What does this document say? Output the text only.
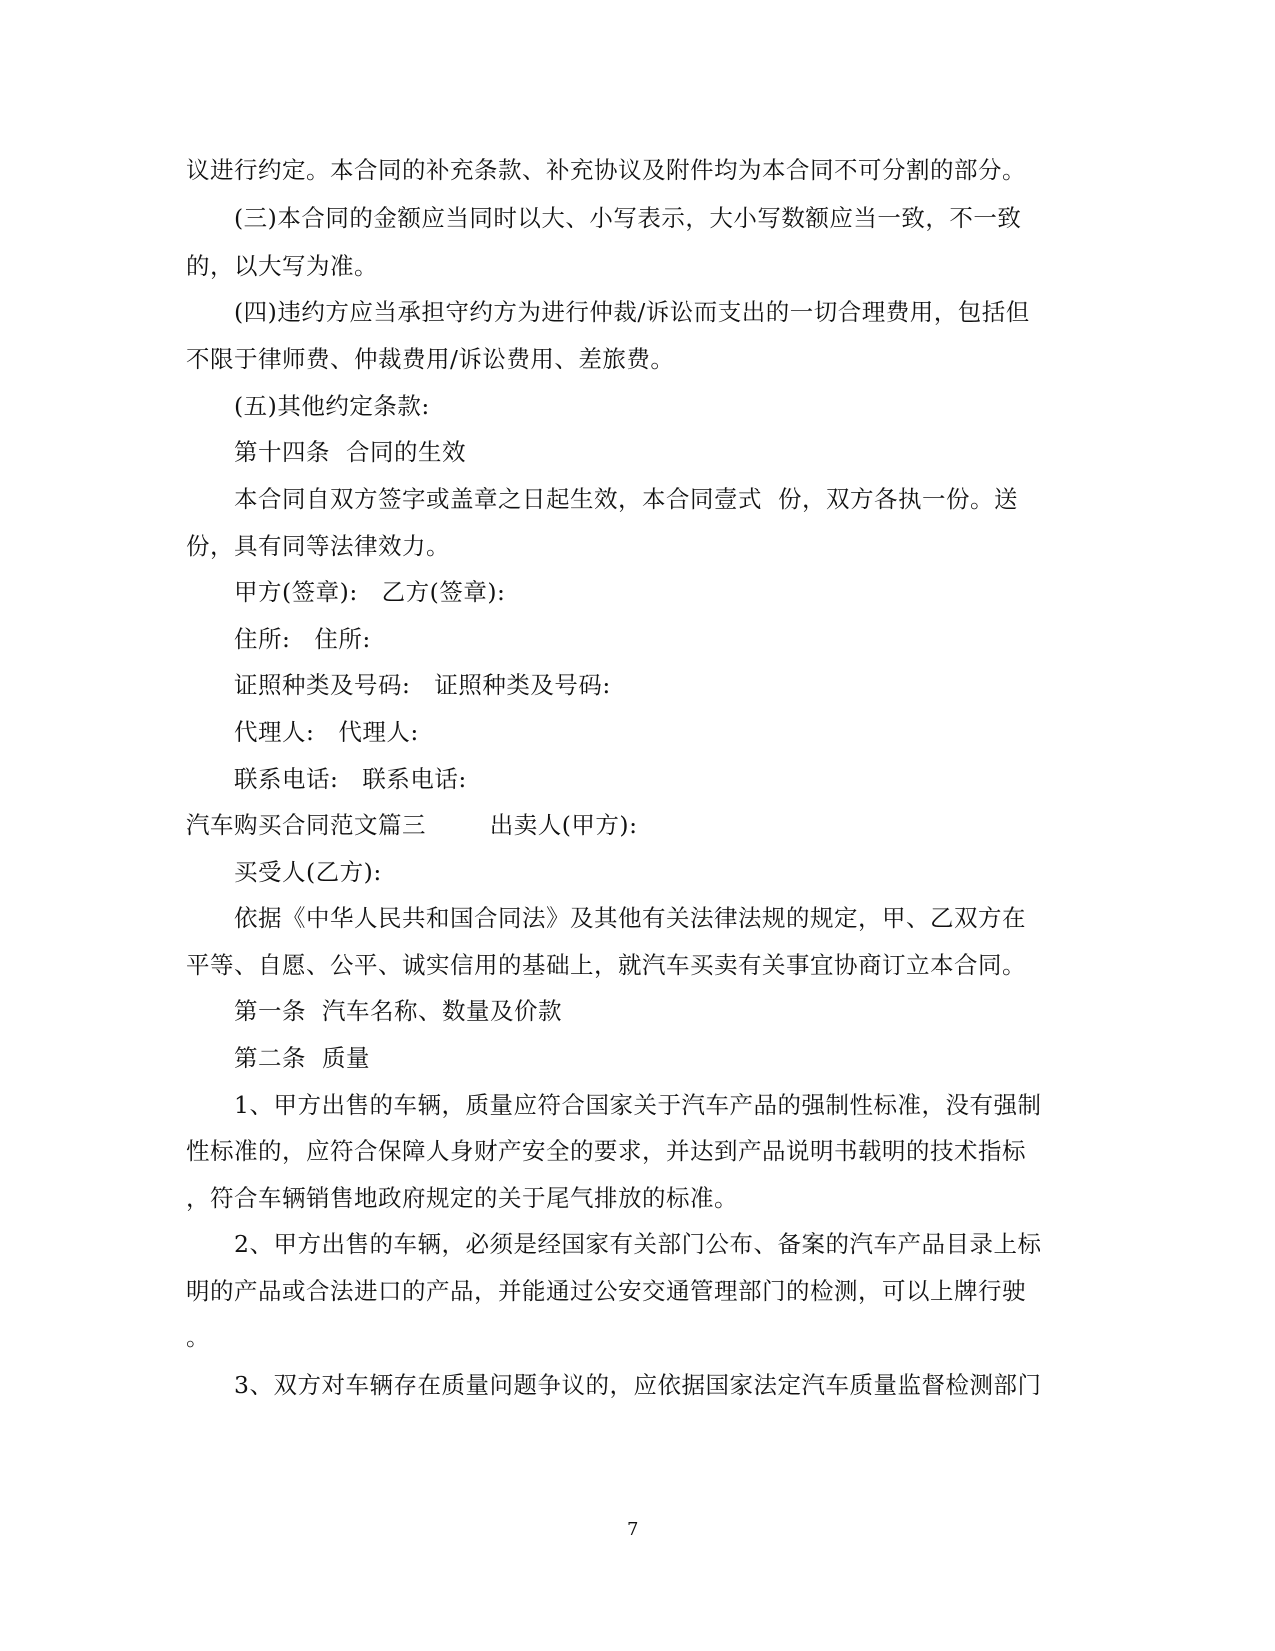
议进行约定。本合同的补充条款、补充协议及附件均为本合同不可分割的部分。
(三)本合同的金额应当同时以大、小写表示，大小写数额应当一致，不一致
的，以大写为准。
(四)违约方应当承担守约方为进行仲裁/诉讼而支出的一切合理费用，包括但
不限于律师费、仲裁费用/诉讼费用、差旅费。
(五)其他约定条款:
第十四条  合同的生效
本合同自双方签字或盖章之日起生效，本合同壹式  份，双方各执一份。送
份，具有同等法律效力。
甲方(签章):   乙方(签章):
住所:   住所:
证照种类及号码:   证照种类及号码:
代理人:   代理人:
联系电话:   联系电话:
汽车购买合同范文篇三        出卖人(甲方):
买受人(乙方):
依据《中华人民共和国合同法》及其他有关法律法规的规定，甲、乙双方在
平等、自愿、公平、诚实信用的基础上，就汽车买卖有关事宜协商订立本合同。
第一条  汽车名称、数量及价款
第二条  质量
1、甲方出售的车辆，质量应符合国家关于汽车产品的强制性标准，没有强制
性标准的，应符合保障人身财产安全的要求，并达到产品说明书载明的技术指标
，符合车辆销售地政府规定的关于尾气排放的标准。
2、甲方出售的车辆，必须是经国家有关部门公布、备案的汽车产品目录上标
明的产品或合法进口的产品，并能通过公安交通管理部门的检测，可以上牌行驶
。
3、双方对车辆存在质量问题争议的，应依据国家法定汽车质量监督检测部门
7
